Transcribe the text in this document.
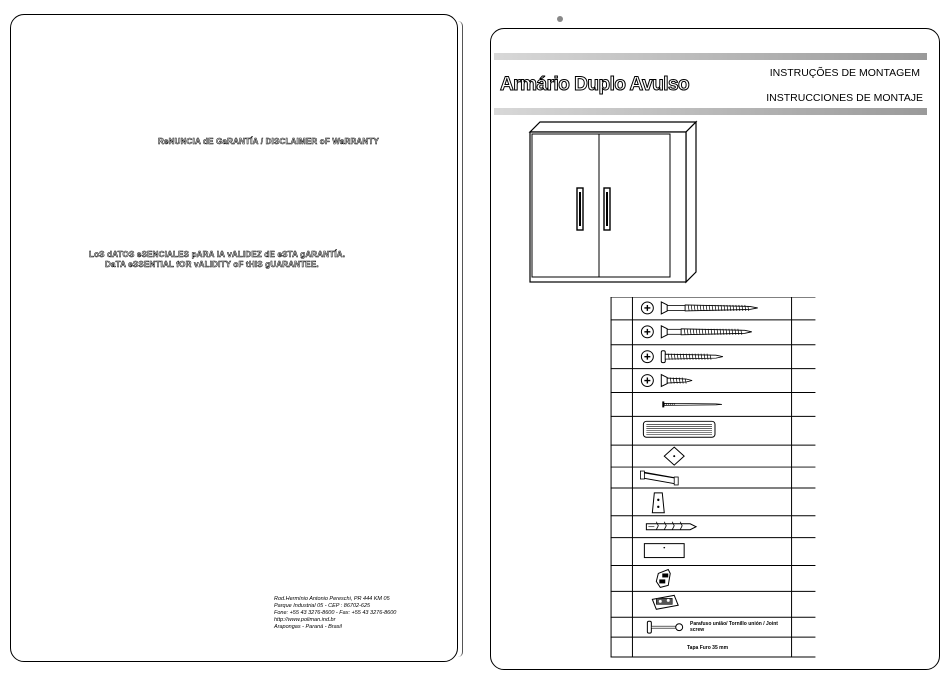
ReNUNCIA dE GaRANTÍA / DISCLAIMER oF WaRRANTY
LoS dATOS eSENCIALES pARA lA vALIDEZ dE eSTA gARANTÍA.
DaTA eSSENTIAL fOR vALIDITY oF tHIS gUARANTEE.
Rod.Hermínio Antonio Pereschi, PR 444 KM 05
Parque Industrial 05 - CEP : 86702-625
Fone: +55 43 3276-8600 - Fax: +55 43 3276-8600
http://www.poliman.ind.br
Arapongas - Paraná - Brasil
Armário Duplo Avulso
INSTRUÇÕES DE MONTAGEM
INSTRUCCIONES DE MONTAJE
Parafuso união/ Tornillo unión / Joint screw
Tapa Furo 35 mm
